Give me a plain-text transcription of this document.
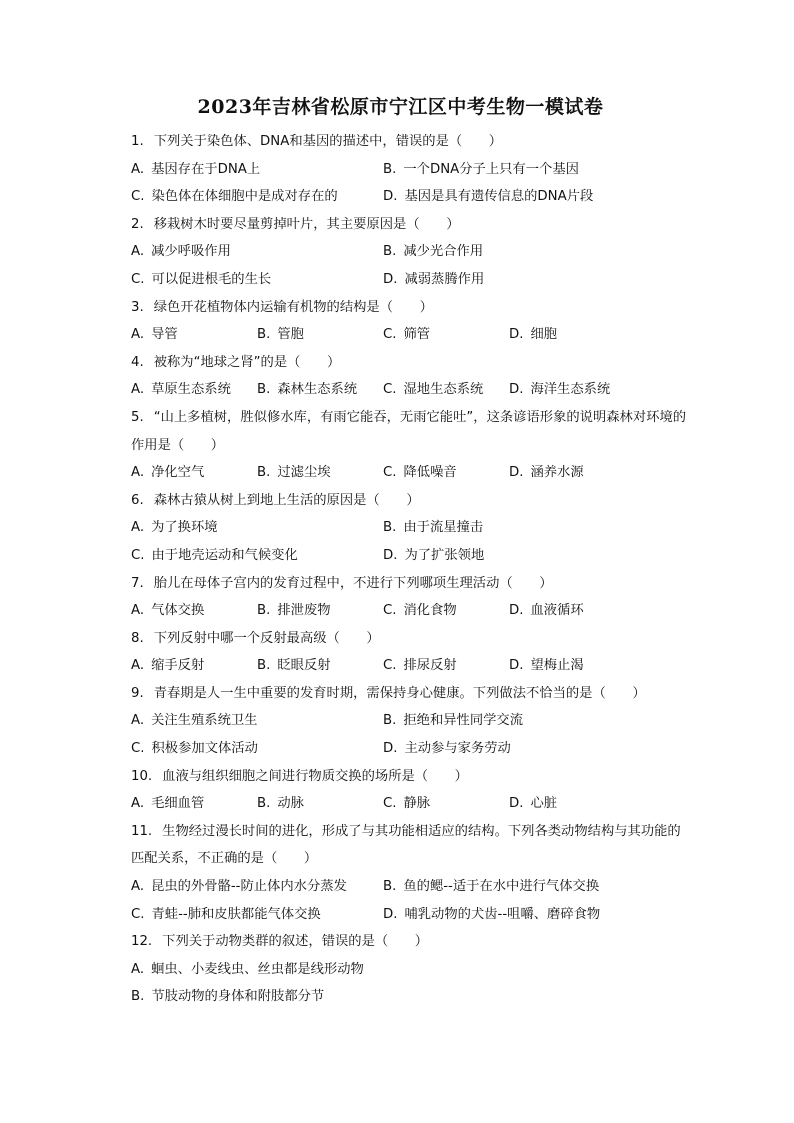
2023年吉林省松原市宁江区中考生物一模试卷
1. 下列关于染色体、DNA和基因的描述中，错误的是（　　）
A. 基因存在于DNA上	B. 一个DNA分子上只有一个基因
C. 染色体在体细胞中是成对存在的	D. 基因是具有遗传信息的DNA片段
2. 移栽树木时要尽量剪掉叶片，其主要原因是（　　）
A. 减少呼吸作用	B. 减少光合作用
C. 可以促进根毛的生长	D. 减弱蒸腾作用
3. 绿色开花植物体内运输有机物的结构是（　　）
A. 导管	B. 管胞	C. 筛管	D. 细胞
4. 被称为“地球之肾”的是（　　）
A. 草原生态系统	B. 森林生态系统	C. 湿地生态系统	D. 海洋生态系统
5. “山上多植树，胜似修水库，有雨它能吞，无雨它能吐”，这条谚语形象的说明森林对环境的作用是（　　）
A. 净化空气	B. 过滤尘埃	C. 降低噪音	D. 涵养水源
6. 森林古猿从树上到地上生活的原因是（　　）
A. 为了换环境	B. 由于流星撞击
C. 由于地壳运动和气候变化	D. 为了扩张领地
7. 胎儿在母体子宫内的发育过程中，不进行下列哪项生理活动（　　）
A. 气体交换	B. 排泄废物	C. 消化食物	D. 血液循环
8. 下列反射中哪一个反射最高级（　　）
A. 缩手反射	B. 眨眼反射	C. 排尿反射	D. 望梅止渴
9. 青春期是人一生中重要的发育时期，需保持身心健康。下列做法不恰当的是（　　）
A. 关注生殖系统卫生	B. 拒绝和异性同学交流
C. 积极参加文体活动	D. 主动参与家务劳动
10. 血液与组织细胞之间进行物质交换的场所是（　　）
A. 毛细血管	B. 动脉	C. 静脉	D. 心脏
11. 生物经过漫长时间的进化，形成了与其功能相适应的结构。下列各类动物结构与其功能的匹配关系，不正确的是（　　）
A. 昆虫的外骨骼--防止体内水分蒸发	B. 鱼的鳃--适于在水中进行气体交换
C. 青蛙--肺和皮肤都能气体交换	D. 哺乳动物的犬齿--咀嚼、磨碎食物
12. 下列关于动物类群的叙述，错误的是（　　）
A. 蛔虫、小麦线虫、丝虫都是线形动物
B. 节肢动物的身体和附肢都分节
